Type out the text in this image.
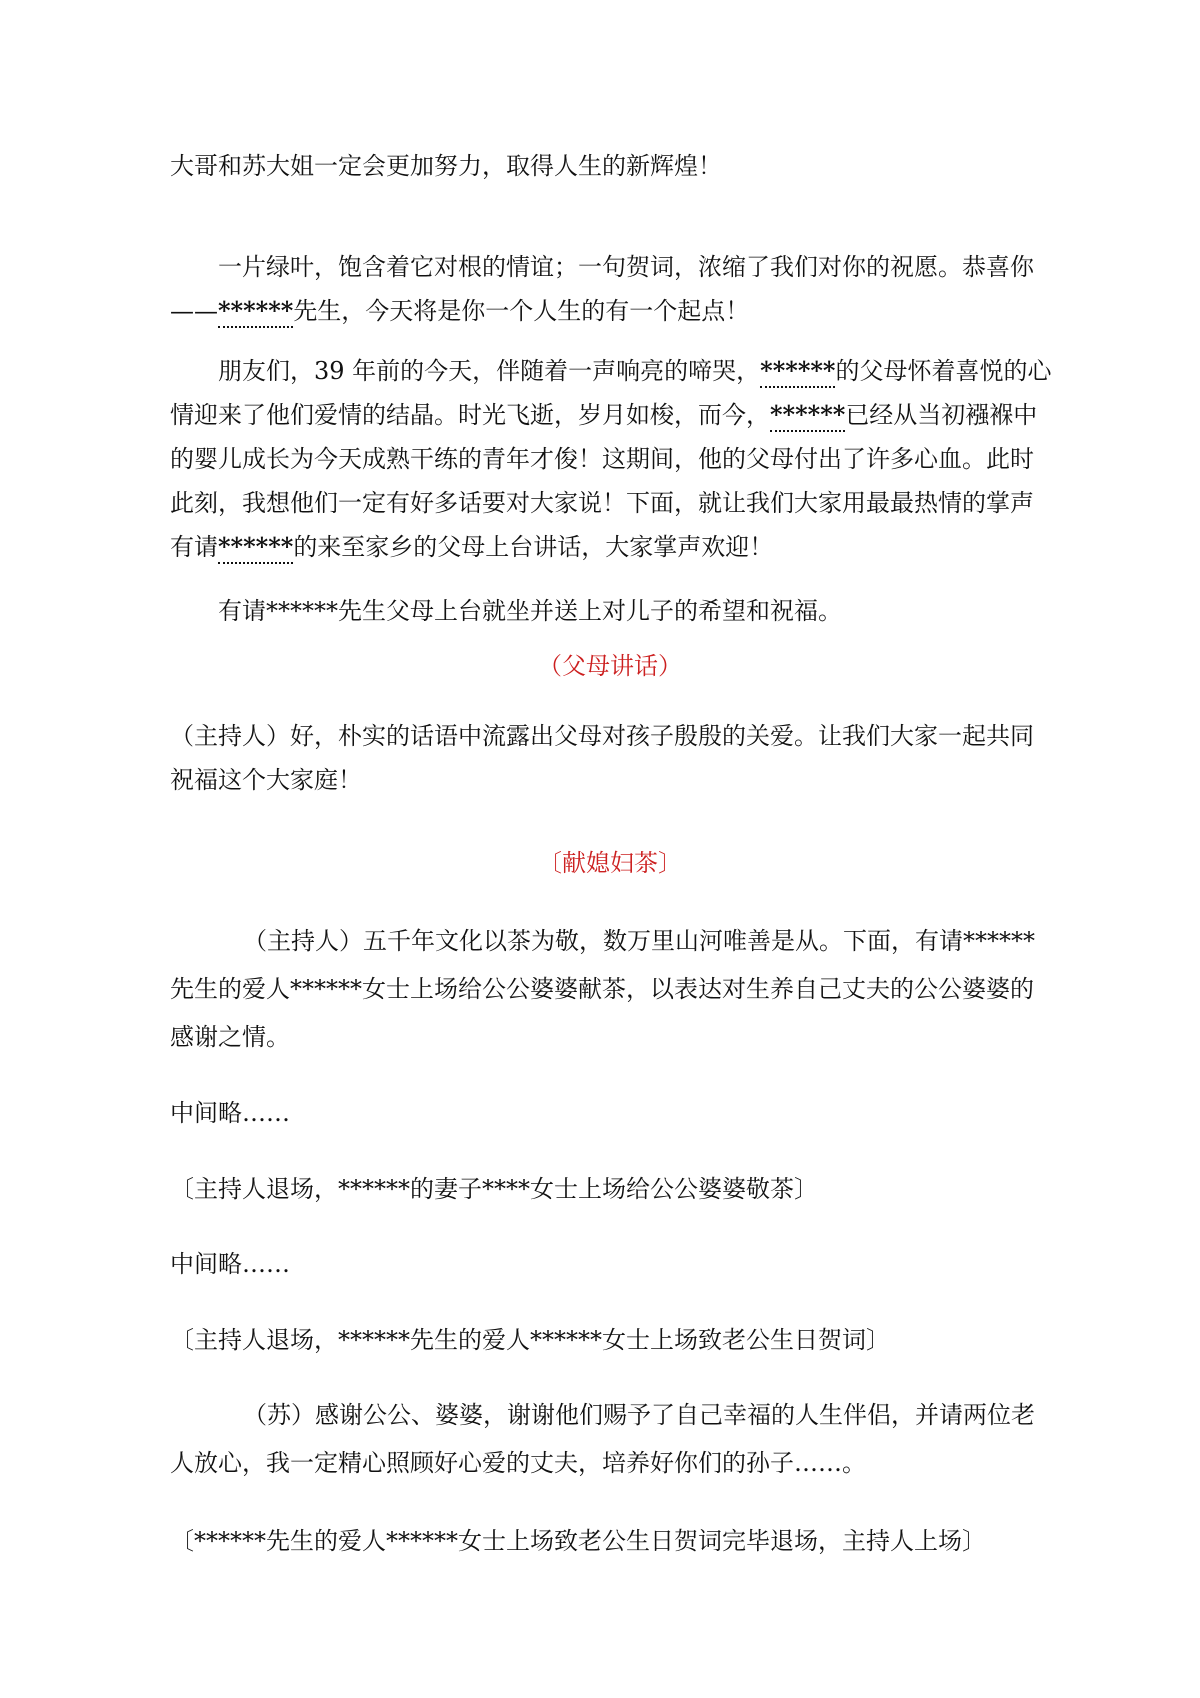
大哥和苏大姐一定会更加努力，取得人生的新辉煌！
一片绿叶，饱含着它对根的情谊；一句贺词，浓缩了我们对你的祝愿。恭喜你
——******先生，今天将是你一个人生的有一个起点！
朋友们，39 年前的今天，伴随着一声响亮的啼哭，******的父母怀着喜悦的心
情迎来了他们爱情的结晶。时光飞逝，岁月如梭，而今，******已经从当初襁褓中
的婴儿成长为今天成熟干练的青年才俊！这期间，他的父母付出了许多心血。此时
此刻，我想他们一定有好多话要对大家说！下面，就让我们大家用最最热情的掌声
有请******的来至家乡的父母上台讲话，大家掌声欢迎！
有请******先生父母上台就坐并送上对儿子的希望和祝福。
（父母讲话）
（主持人）好，朴实的话语中流露出父母对孩子殷殷的关爱。让我们大家一起共同
祝福这个大家庭！
〔献媳妇茶〕
（主持人）五千年文化以茶为敬，数万里山河唯善是从。下面，有请******
先生的爱人******女士上场给公公婆婆献茶，以表达对生养自己丈夫的公公婆婆的
感谢之情。
中间略……
〔主持人退场，******的妻子****女士上场给公公婆婆敬茶〕
中间略……
〔主持人退场，******先生的爱人******女士上场致老公生日贺词〕
（苏）感谢公公、婆婆，谢谢他们赐予了自己幸福的人生伴侣，并请两位老
人放心，我一定精心照顾好心爱的丈夫，培养好你们的孙子……。
〔******先生的爱人******女士上场致老公生日贺词完毕退场，主持人上场〕
